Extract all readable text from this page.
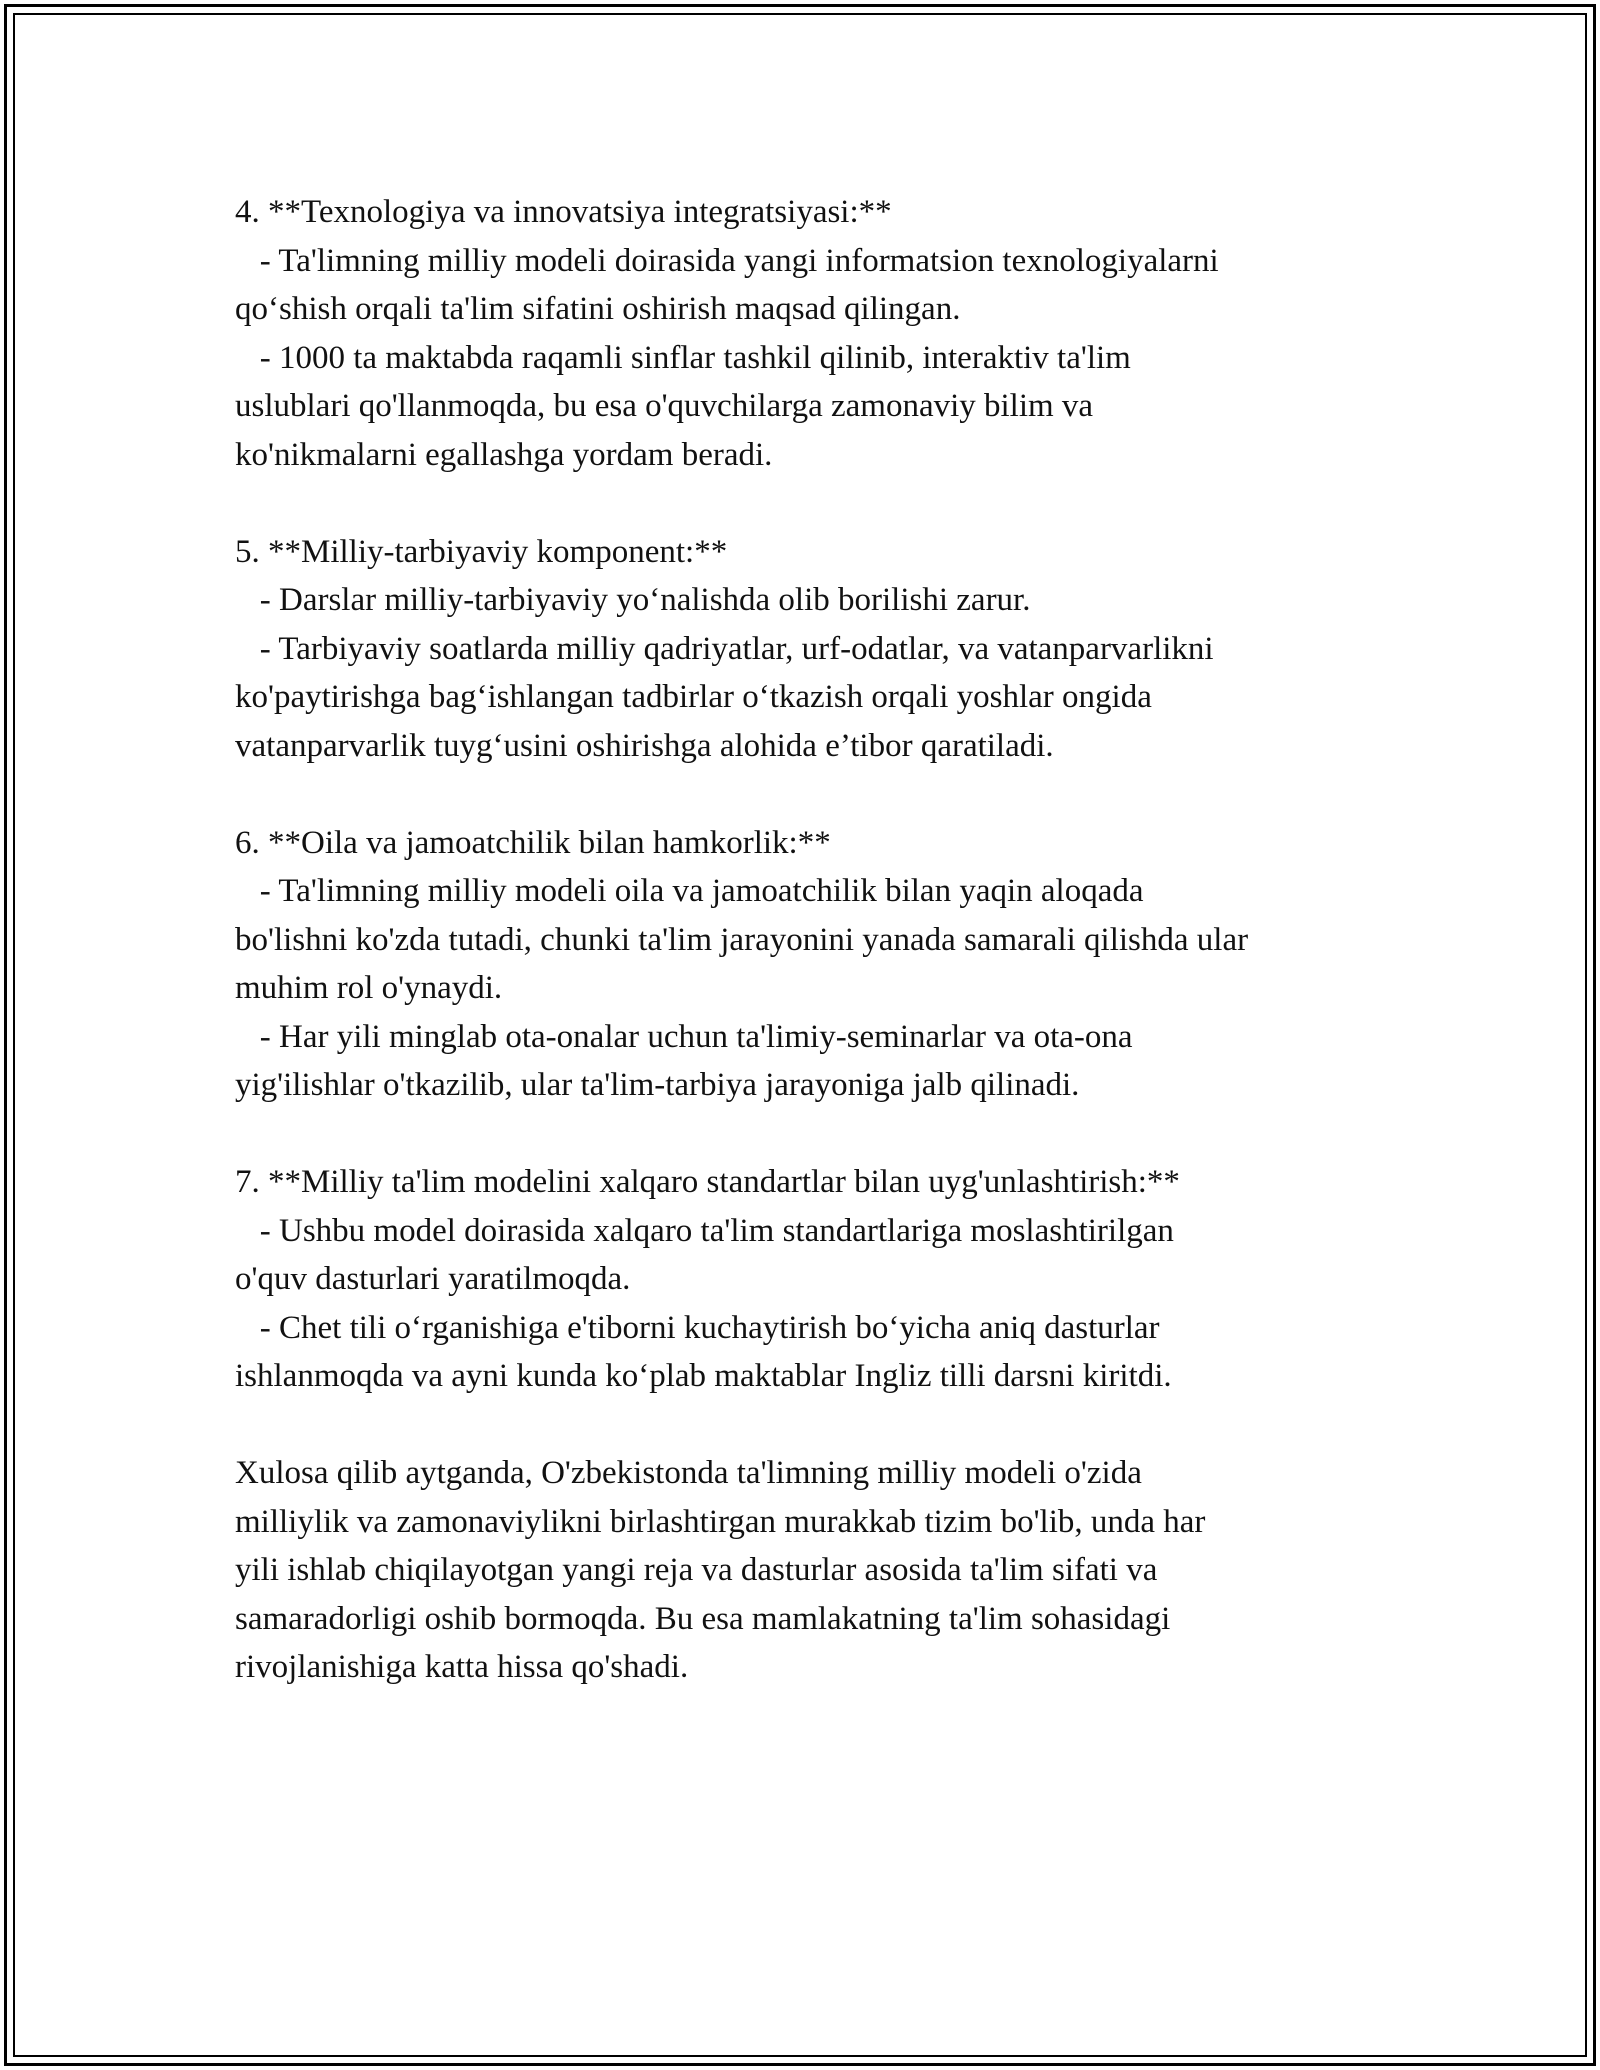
4. **Texnologiya va innovatsiya integratsiyasi:**
- Ta'limning milliy modeli doirasida yangi informatsion texnologiyalarni
qo‘shish orqali ta'lim sifatini oshirish maqsad qilingan.
- 1000 ta maktabda raqamli sinflar tashkil qilinib, interaktiv ta'lim
uslublari qo'llanmoqda, bu esa o'quvchilarga zamonaviy bilim va
ko'nikmalarni egallashga yordam beradi.
5. **Milliy-tarbiyaviy komponent:**
- Darslar milliy-tarbiyaviy yo‘nalishda olib borilishi zarur.
- Tarbiyaviy soatlarda milliy qadriyatlar, urf-odatlar, va vatanparvarlikni
ko'paytirishga bag‘ishlangan tadbirlar o‘tkazish orqali yoshlar ongida
vatanparvarlik tuyg‘usini oshirishga alohida e’tibor qaratiladi.
6. **Oila va jamoatchilik bilan hamkorlik:**
- Ta'limning milliy modeli oila va jamoatchilik bilan yaqin aloqada
bo'lishni ko'zda tutadi, chunki ta'lim jarayonini yanada samarali qilishda ular
muhim rol o'ynaydi.
- Har yili minglab ota-onalar uchun ta'limiy-seminarlar va ota-ona
yig'ilishlar o'tkazilib, ular ta'lim-tarbiya jarayoniga jalb qilinadi.
7. **Milliy ta'lim modelini xalqaro standartlar bilan uyg'unlashtirish:**
- Ushbu model doirasida xalqaro ta'lim standartlariga moslashtirilgan
o'quv dasturlari yaratilmoqda.
- Chet tili o‘rganishiga e'tiborni kuchaytirish bo‘yicha aniq dasturlar
ishlanmoqda va ayni kunda ko‘plab maktablar Ingliz tilli darsni kiritdi.
Xulosa qilib aytganda, O'zbekistonda ta'limning milliy modeli o'zida
milliylik va zamonaviylikni birlashtirgan murakkab tizim bo'lib, unda har
yili ishlab chiqilayotgan yangi reja va dasturlar asosida ta'lim sifati va
samaradorligi oshib bormoqda. Bu esa mamlakatning ta'lim sohasidagi
rivojlanishiga katta hissa qo'shadi.
